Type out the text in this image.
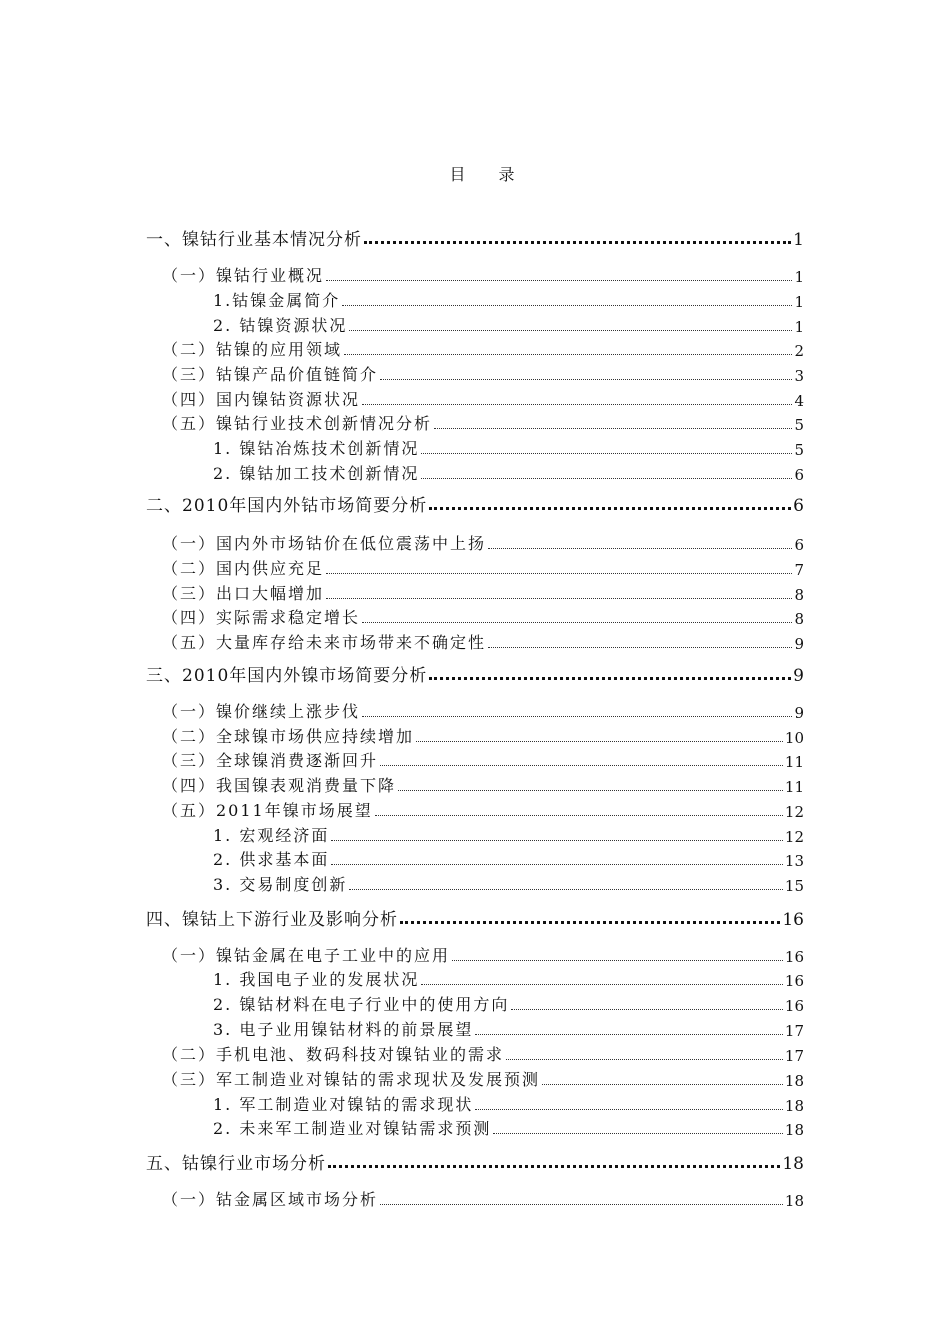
目 录
一、镍钴行业基本情况分析	1
（一）镍钴行业概况	1
1.钴镍金属简介	1
2. 钴镍资源状况	1
（二）钴镍的应用领域	2
（三）钴镍产品价值链简介	3
（四）国内镍钴资源状况	4
（五）镍钴行业技术创新情况分析	5
1. 镍钴冶炼技术创新情况	5
2. 镍钴加工技术创新情况	6
二、2010年国内外钴市场简要分析	6
（一）国内外市场钴价在低位震荡中上扬	6
（二）国内供应充足	7
（三）出口大幅增加	8
（四）实际需求稳定增长	8
（五）大量库存给未来市场带来不确定性	9
三、2010年国内外镍市场简要分析	9
（一）镍价继续上涨步伐	9
（二）全球镍市场供应持续增加	10
（三）全球镍消费逐渐回升	11
（四）我国镍表观消费量下降	11
（五）2011年镍市场展望	12
1. 宏观经济面	12
2. 供求基本面	13
3. 交易制度创新	15
四、镍钴上下游行业及影响分析	16
（一）镍钴金属在电子工业中的应用	16
1. 我国电子业的发展状况	16
2. 镍钴材料在电子行业中的使用方向	16
3. 电子业用镍钴材料的前景展望	17
（二）手机电池、数码科技对镍钴业的需求	17
（三）军工制造业对镍钴的需求现状及发展预测	18
1. 军工制造业对镍钴的需求现状	18
2. 未来军工制造业对镍钴需求预测	18
五、钴镍行业市场分析	18
（一）钴金属区域市场分析	18
